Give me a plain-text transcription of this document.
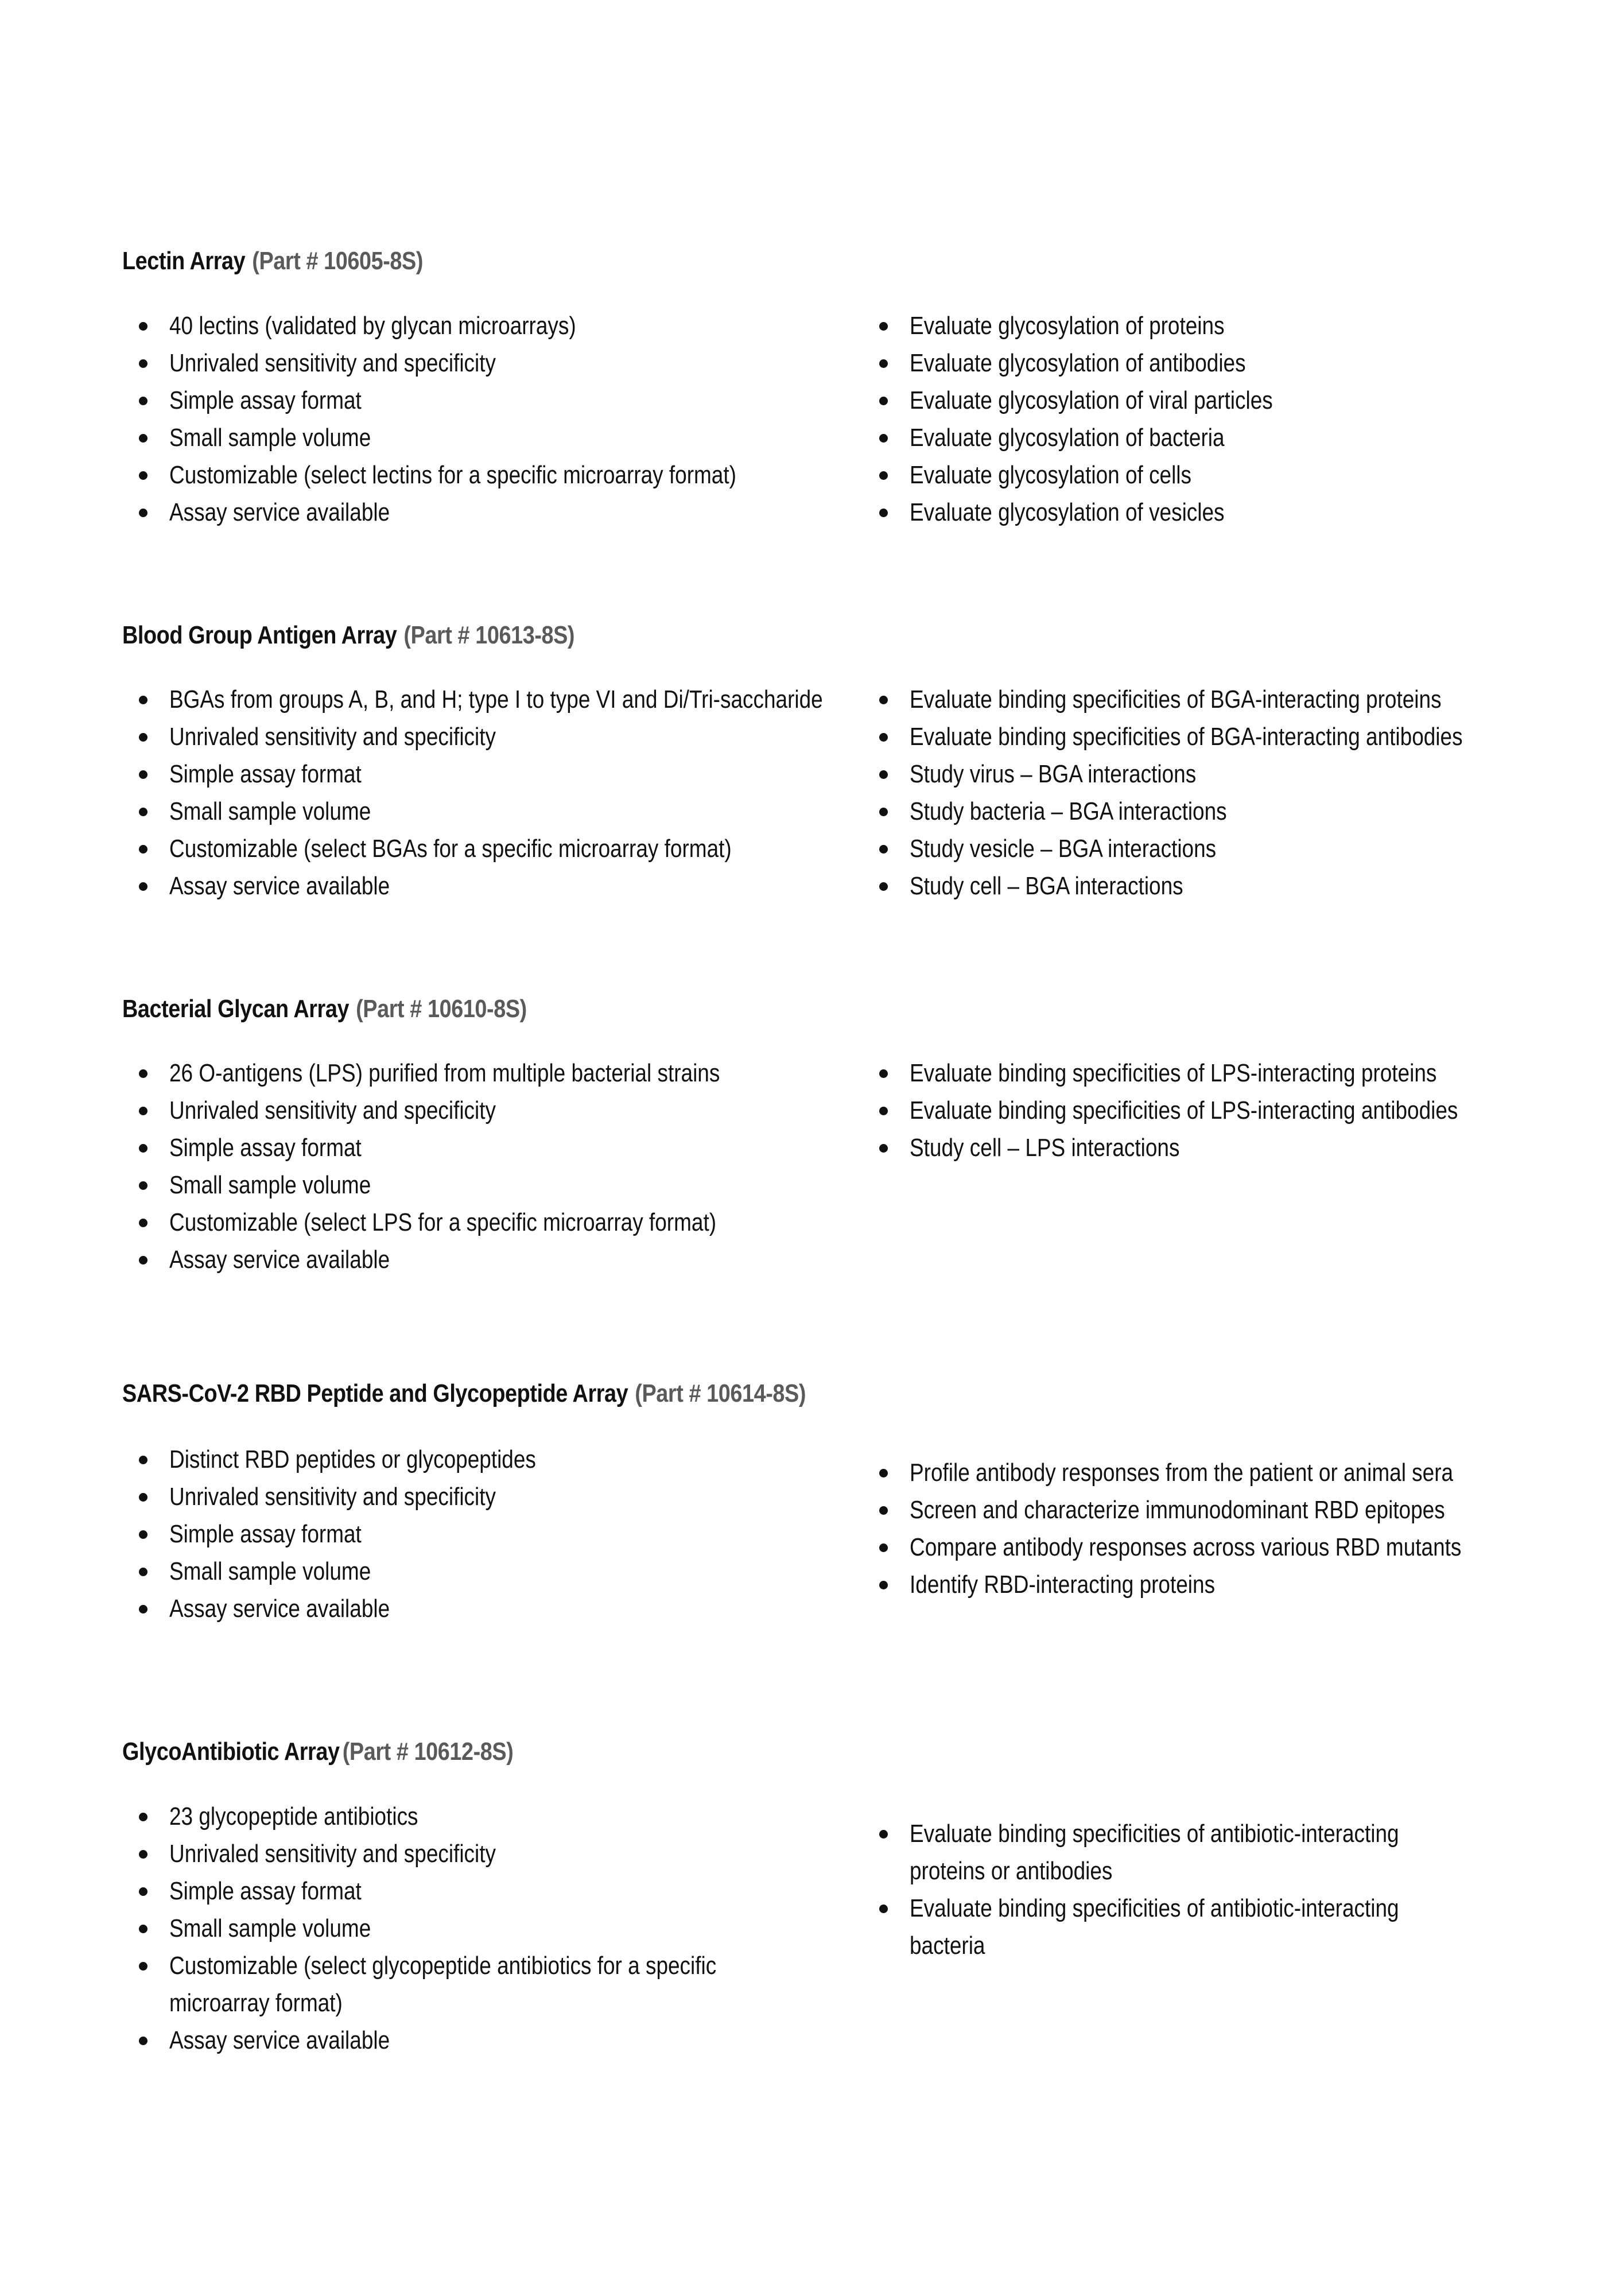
Lectin Array (Part # 10605-8S)
40 lectins (validated by glycan microarrays)
Unrivaled sensitivity and specificity
Simple assay format
Small sample volume
Customizable (select lectins for a specific microarray format)
Assay service available
Evaluate glycosylation of proteins
Evaluate glycosylation of antibodies
Evaluate glycosylation of viral particles
Evaluate glycosylation of bacteria
Evaluate glycosylation of cells
Evaluate glycosylation of vesicles
Blood Group Antigen Array (Part # 10613-8S)
BGAs from groups A, B, and H; type I to type VI and Di/Tri-saccharide
Unrivaled sensitivity and specificity
Simple assay format
Small sample volume
Customizable (select BGAs for a specific microarray format)
Assay service available
Evaluate binding specificities of BGA-interacting proteins
Evaluate binding specificities of BGA-interacting antibodies
Study virus – BGA interactions
Study bacteria – BGA interactions
Study vesicle – BGA interactions
Study cell – BGA interactions
Bacterial Glycan Array (Part # 10610-8S)
26 O-antigens (LPS) purified from multiple bacterial strains
Unrivaled sensitivity and specificity
Simple assay format
Small sample volume
Customizable (select LPS for a specific microarray format)
Assay service available
Evaluate binding specificities of LPS-interacting proteins
Evaluate binding specificities of LPS-interacting antibodies
Study cell – LPS interactions
SARS-CoV-2 RBD Peptide and Glycopeptide Array (Part # 10614-8S)
Distinct RBD peptides or glycopeptides
Unrivaled sensitivity and specificity
Simple assay format
Small sample volume
Assay service available
Profile antibody responses from the patient or animal sera
Screen and characterize immunodominant RBD epitopes
Compare antibody responses across various RBD mutants
Identify RBD-interacting proteins
GlycoAntibiotic Array (Part # 10612-8S)
23 glycopeptide antibiotics
Unrivaled sensitivity and specificity
Simple assay format
Small sample volume
Customizable (select glycopeptide antibiotics for a specific
microarray format)
Assay service available
Evaluate binding specificities of antibiotic-interacting
proteins or antibodies
Evaluate binding specificities of antibiotic-interacting
bacteria
